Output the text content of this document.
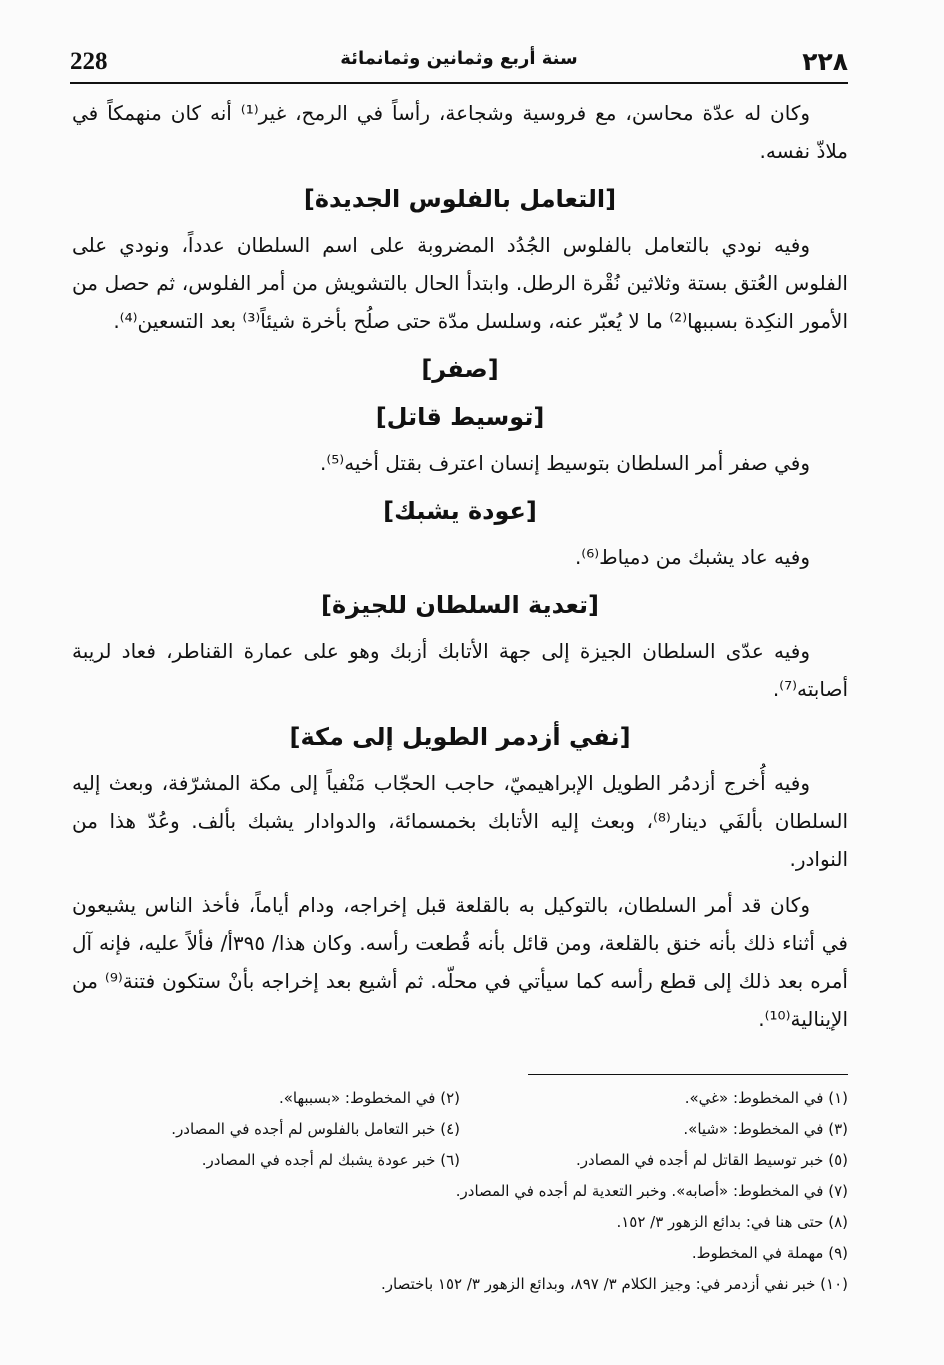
228	سنة أربع وثمانين وثمانمائة	٢٢٨
وكان له عدّة محاسن، مع فروسية وشجاعة، رأساً في الرمح، غير⁽¹⁾ أنه كان منهمكاً في ملاذّ نفسه.
[التعامل بالفلوس الجديدة]
وفيه نودي بالتعامل بالفلوس الجُدُد المضروبة على اسم السلطان عدداً، ونودي على الفلوس العُتق بستة وثلاثين نُقْرة الرطل. وابتدأ الحال بالتشويش من أمر الفلوس، ثم حصل من الأمور النكِدة بسببها⁽²⁾ ما لا يُعبّر عنه، وسلسل مدّة حتى صلُح بأخرة شيئاً⁽³⁾ بعد التسعين⁽⁴⁾.
[صفر]
[توسيط قاتل]
وفي صفر أمر السلطان بتوسيط إنسان اعترف بقتل أخيه⁽⁵⁾.
[عودة يشبك]
وفيه عاد يشبك من دمياط⁽⁶⁾.
[تعدية السلطان للجيزة]
وفيه عدّى السلطان الجيزة إلى جهة الأتابك أزبك وهو على عمارة القناطر، فعاد لريبة أصابته⁽⁷⁾.
[نفي أزدمر الطويل إلى مكة]
وفيه أُخرج أزدمُر الطويل الإبراهيميّ، حاجب الحجّاب مَنْفياً إلى مكة المشرّفة، وبعث إليه السلطان بألفَي دينار⁽⁸⁾، وبعث إليه الأتابك بخمسمائة، والدوادار يشبك بألف. وعُدّ هذا من النوادر.
وكان قد أمر السلطان، بالتوكيل به بالقلعة قبل إخراجه، ودام أياماً، فأخذ الناس يشيعون في أثناء ذلك بأنه خنق بالقلعة، ومن قائل بأنه قُطعت رأسه. وكان هذا/ ٣٩٥أ/ فألاً عليه، فإنه آل أمره بعد ذلك إلى قطع رأسه كما سيأتي في محلّه. ثم أشيع بعد إخراجه بأنْ ستكون فتنة⁽⁹⁾ من الإينالية⁽¹⁰⁾.
(١) في المخطوط: «غي».
(٢) في المخطوط: «بسببها».
(٣) في المخطوط: «شيا».
(٤) خبر التعامل بالفلوس لم أجده في المصادر.
(٥) خبر توسيط القاتل لم أجده في المصادر.
(٦) خبر عودة يشبك لم أجده في المصادر.
(٧) في المخطوط: «أصابه». وخبر التعدية لم أجده في المصادر.
(٨) حتى هنا في: بدائع الزهور ٣/ ١٥٢.
(٩) مهملة في المخطوط.
(١٠) خبر نفي أزدمر في: وجيز الكلام ٣/ ٨٩٧، وبدائع الزهور ٣/ ١٥٢ باختصار.
